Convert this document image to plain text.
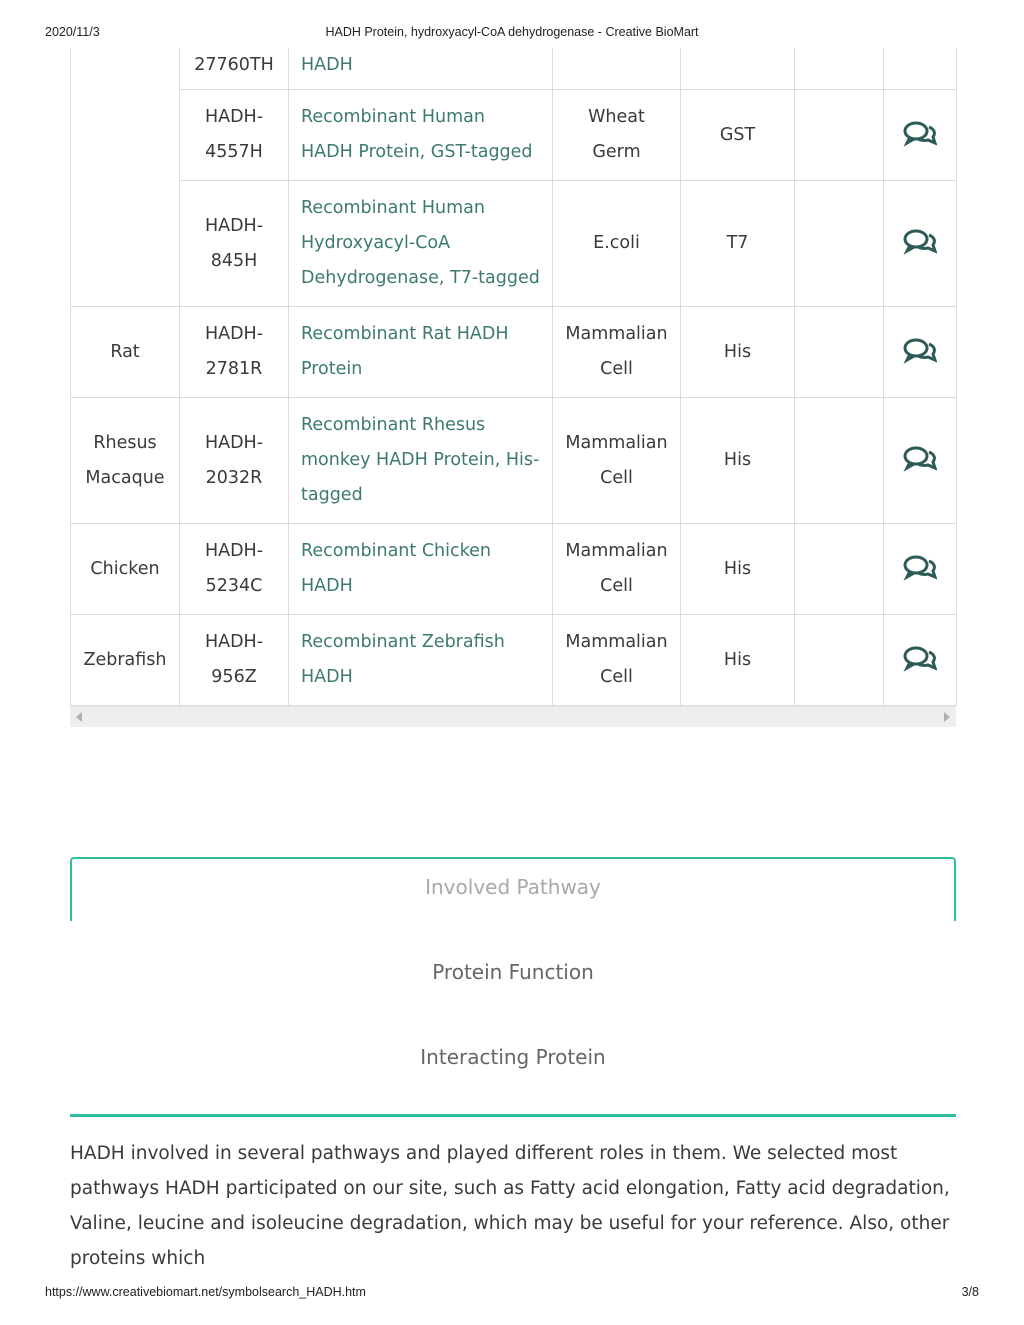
2020/11/3	HADH Protein, hydroxyacyl-CoA dehydrogenase - Creative BioMart
	27760TH	HADH				
	HADH-4557H	Recombinant Human HADH Protein, GST-tagged	Wheat Germ	GST		
	HADH-845H	Recombinant Human Hydroxyacyl-CoA Dehydrogenase, T7-tagged	E.coli	T7		
Rat	HADH-2781R	Recombinant Rat HADH Protein	Mammalian Cell	His		
Rhesus Macaque	HADH-2032R	Recombinant Rhesus monkey HADH Protein, His-tagged	Mammalian Cell	His		
Chicken	HADH-5234C	Recombinant Chicken HADH	Mammalian Cell	His		
Zebrafish	HADH-956Z	Recombinant Zebrafish HADH	Mammalian Cell	His		
Involved Pathway
Protein Function
Interacting Protein
HADH involved in several pathways and played different roles in them. We selected most pathways HADH participated on our site, such as Fatty acid elongation, Fatty acid degradation, Valine, leucine and isoleucine degradation, which may be useful for your reference. Also, other proteins which
https://www.creativebiomart.net/symbolsearch_HADH.htm	3/8
